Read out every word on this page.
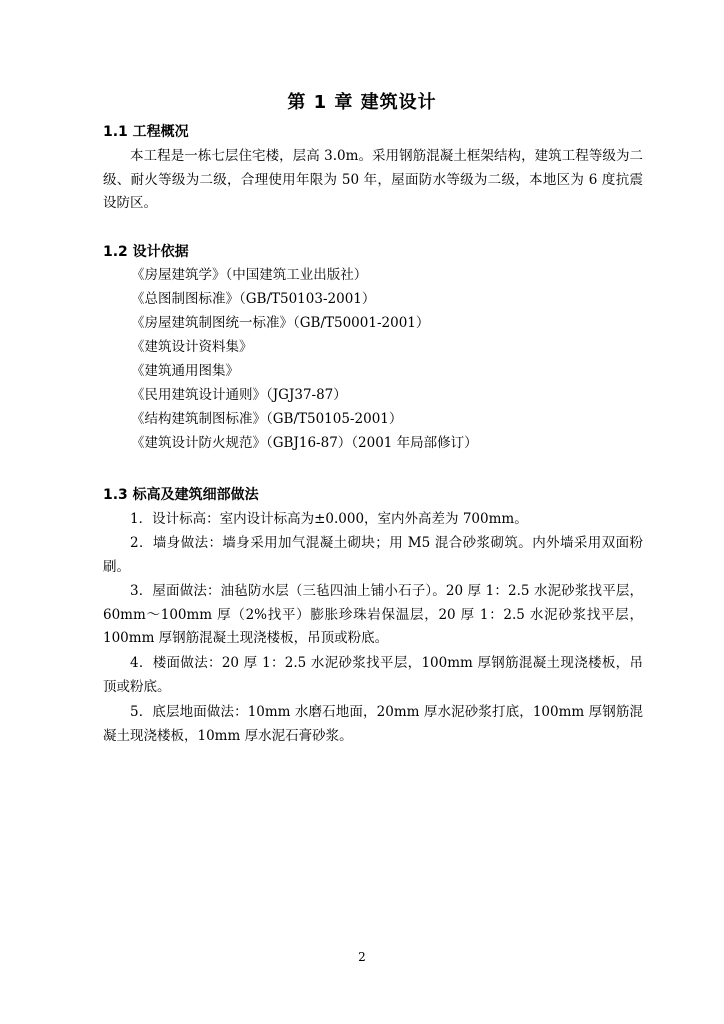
第 1 章 建筑设计
1.1 工程概况
本工程是一栋七层住宅楼，层高 3.0m。采用钢筋混凝土框架结构，建筑工程等级为二级、耐火等级为二级，合理使用年限为 50 年，屋面防水等级为二级，本地区为 6 度抗震设防区。
1.2 设计依据
《房屋建筑学》（中国建筑工业出版社）
《总图制图标准》（GB/T50103-2001）
《房屋建筑制图统一标准》（GB/T50001-2001）
《建筑设计资料集》
《建筑通用图集》
《民用建筑设计通则》（JGJ37-87）
《结构建筑制图标准》（GB/T50105-2001）
《建筑设计防火规范》（GBJ16-87）（2001 年局部修订）
1.3 标高及建筑细部做法
1．设计标高：室内设计标高为±0.000，室内外高差为 700mm。
2．墙身做法：墙身采用加气混凝土砌块；用 M5 混合砂浆砌筑。内外墙采用双面粉刷。
3．屋面做法：油毡防水层（三毡四油上铺小石子）。20 厚 1：2.5 水泥砂浆找平层，60mm～100mm 厚（2%找平）膨胀珍珠岩保温层，20 厚 1：2.5 水泥砂浆找平层，100mm 厚钢筋混凝土现浇楼板，吊顶或粉底。
4．楼面做法：20 厚 1：2.5 水泥砂浆找平层，100mm 厚钢筋混凝土现浇楼板，吊顶或粉底。
5．底层地面做法：10mm 水磨石地面，20mm 厚水泥砂浆打底，100mm 厚钢筋混凝土现浇楼板，10mm 厚水泥石膏砂浆。
2
